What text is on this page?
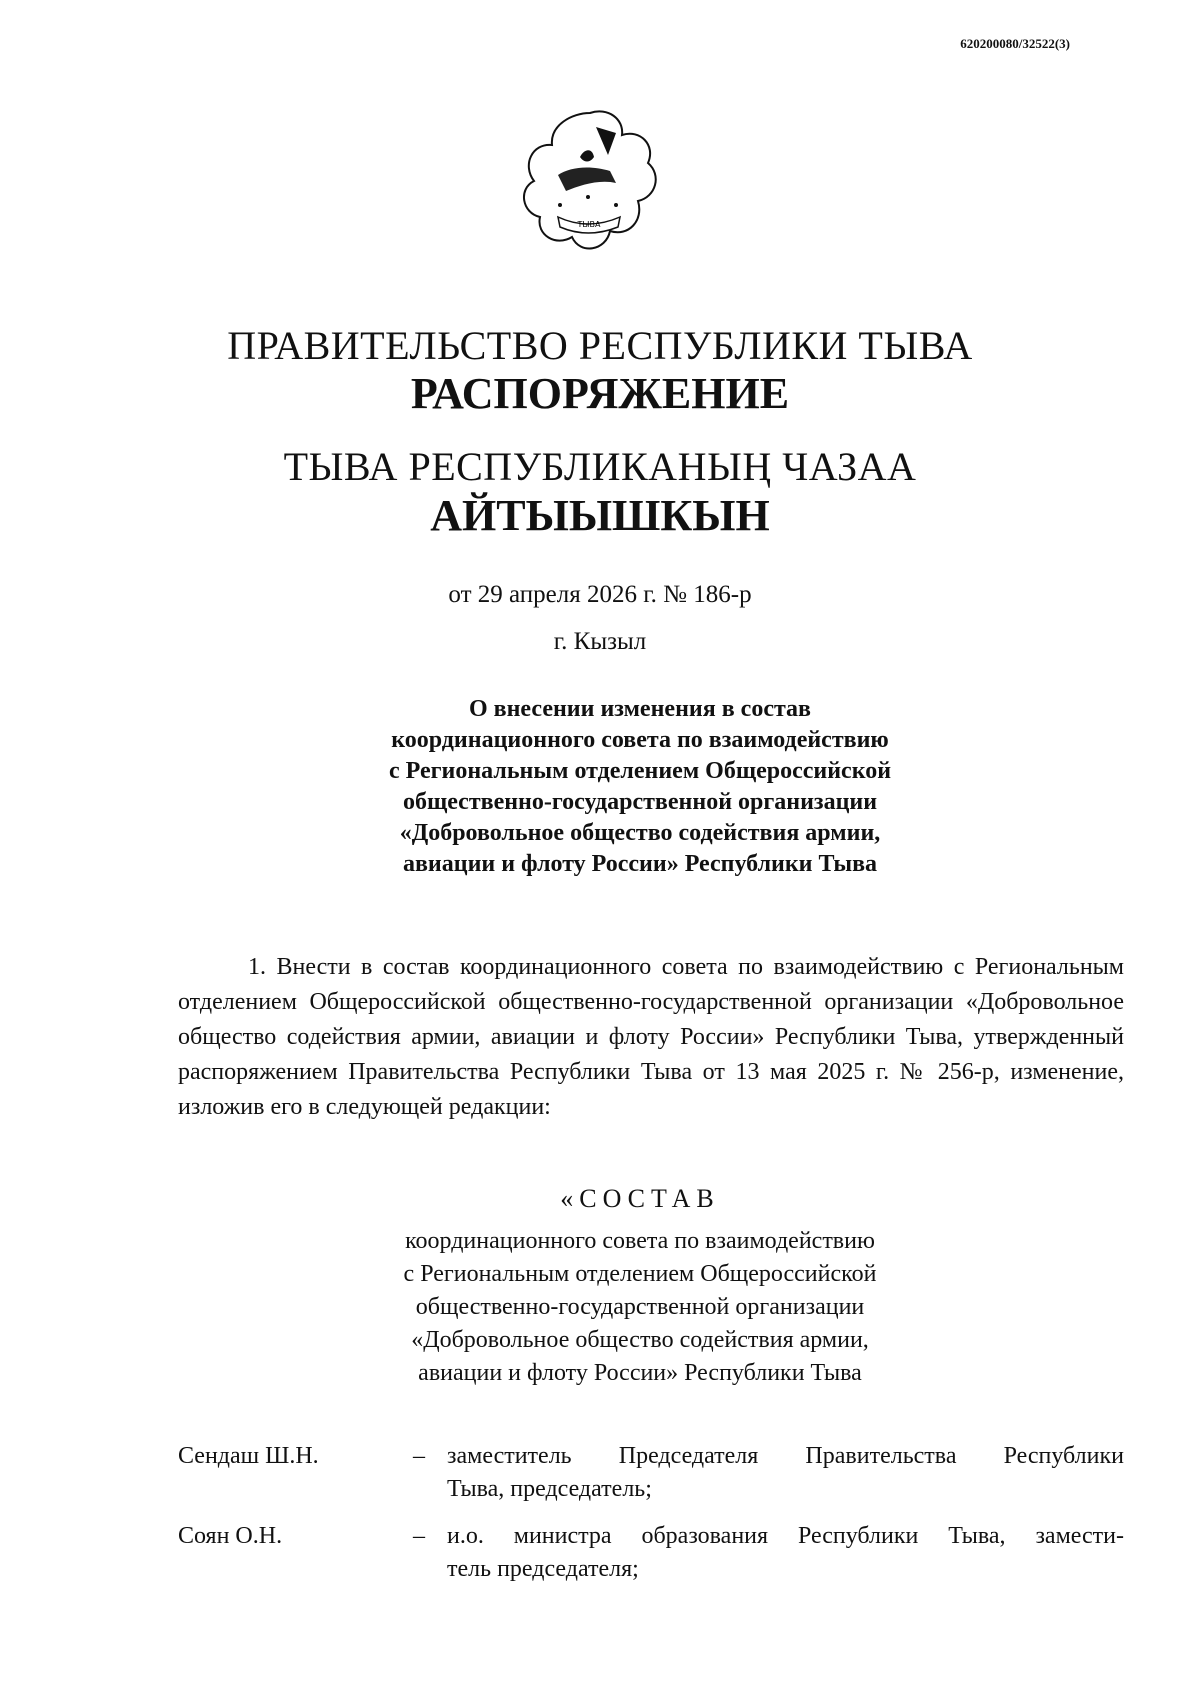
620200080/32522(3)
ТЫВА
ПРАВИТЕЛЬСТВО РЕСПУБЛИКИ ТЫВА
РАСПОРЯЖЕНИЕ
ТЫВА РЕСПУБЛИКАНЫҢ ЧАЗАА
АЙТЫЫШКЫН
от 29 апреля 2026 г. № 186-р
г. Кызыл
О внесении изменения в состав
координационного совета по взаимодействию
с Региональным отделением Общероссийской
общественно-государственной организации
«Добровольное общество содействия армии,
авиации и флоту России» Республики Тыва

1. Внести в состав координационного совета по взаимодействию с Региональным отделением Общероссийской общественно-государственной организации «Добровольное общество содействия армии, авиации и флоту России» Республики Тыва, утвержденный распоряжением Правительства Республики Тыва от 13 мая 2025 г. № 256-р, изменение, изложив его в следующей редакции:

«СОСТАВ
координационного совета по взаимодействию
с Региональным отделением Общероссийской
общественно-государственной организации
«Добровольное общество содействия армии,
авиации и флоту России» Республики Тыва
Сендаш Ш.Н.	– заместитель Председателя Правительства Республики
Тыва, председатель;
Соян О.Н.	– и.о. министра образования Республики Тыва, замести-
тель председателя;
